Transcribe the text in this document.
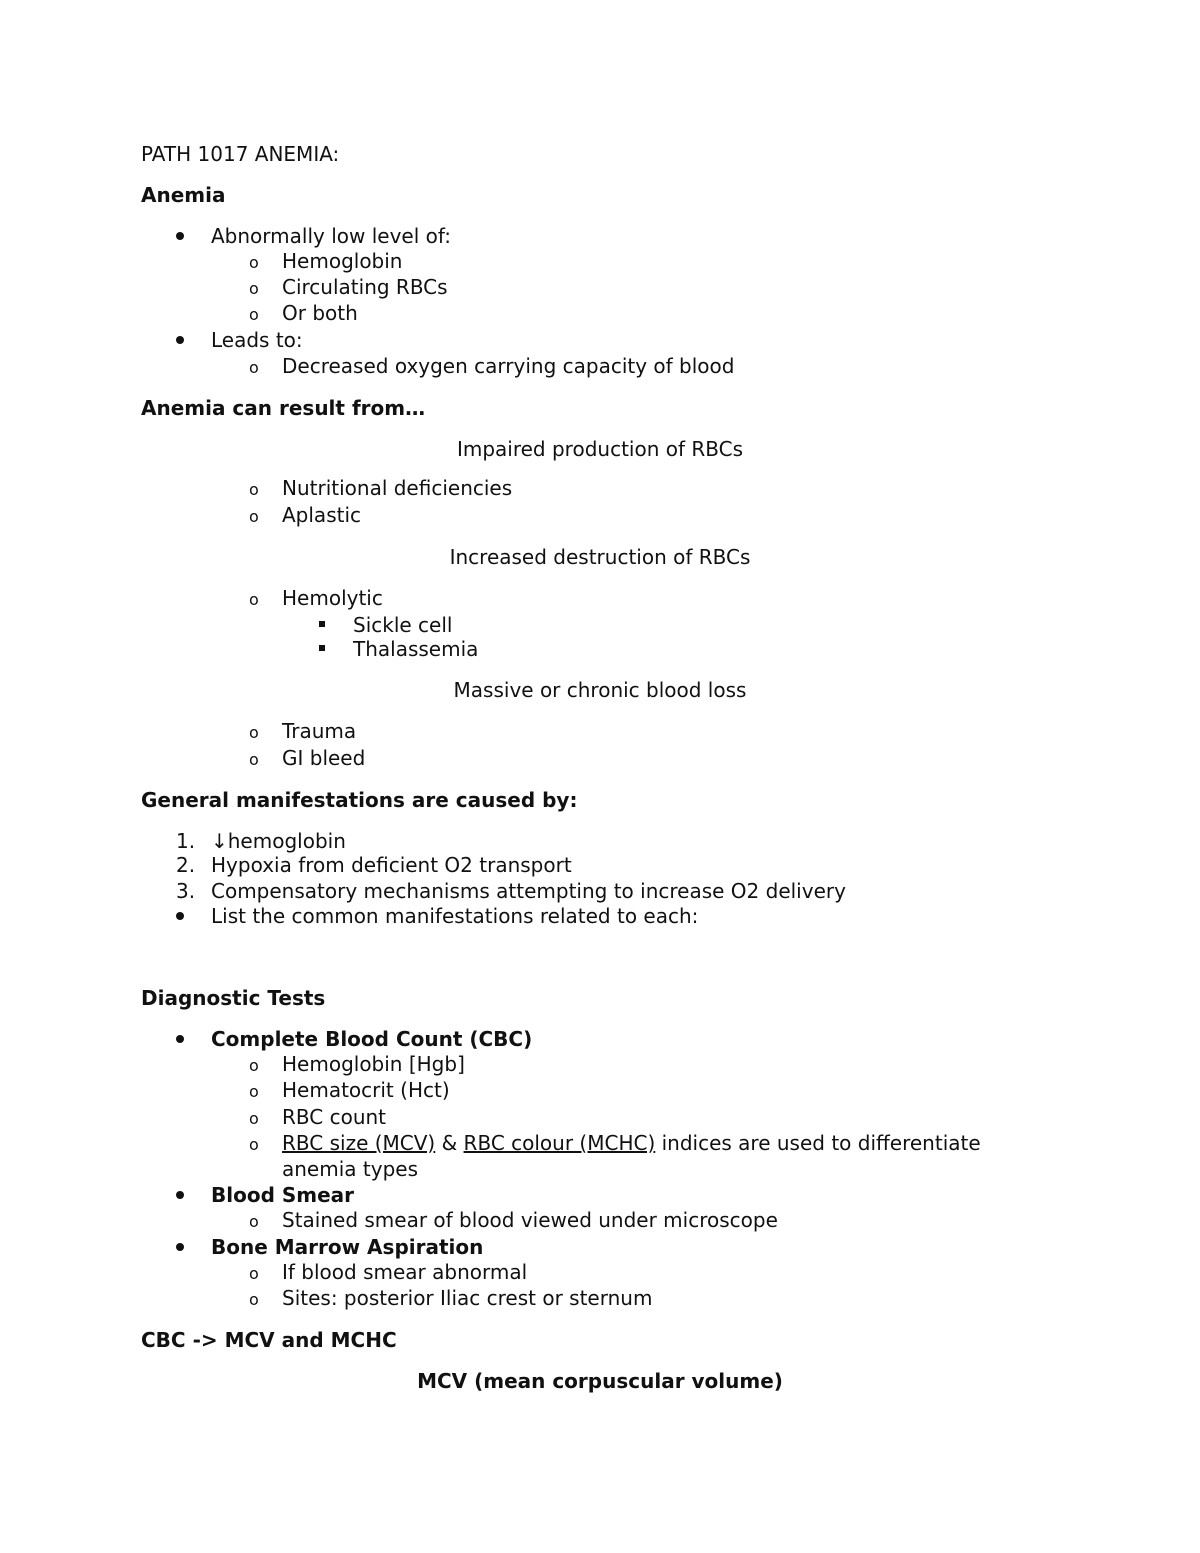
PATH 1017 ANEMIA:
Anemia
Abnormally low level of:
o Hemoglobin
o Circulating RBCs
o Or both
Leads to:
o Decreased oxygen carrying capacity of blood
Anemia can result from…
Impaired production of RBCs
o Nutritional deficiencies
o Aplastic
Increased destruction of RBCs
o Hemolytic
Sickle cell
Thalassemia
Massive or chronic blood loss
o Trauma
o GI bleed
General manifestations are caused by:
1. ↓hemoglobin
2. Hypoxia from deficient O2 transport
3. Compensatory mechanisms attempting to increase O2 delivery
List the common manifestations related to each:
Diagnostic Tests
Complete Blood Count (CBC)
o Hemoglobin [Hgb]
o Hematocrit (Hct)
o RBC count
o RBC size (MCV) & RBC colour (MCHC) indices are used to differentiate
anemia types
Blood Smear
o Stained smear of blood viewed under microscope
Bone Marrow Aspiration
o If blood smear abnormal
o Sites: posterior Iliac crest or sternum
CBC -> MCV and MCHC
MCV (mean corpuscular volume)
